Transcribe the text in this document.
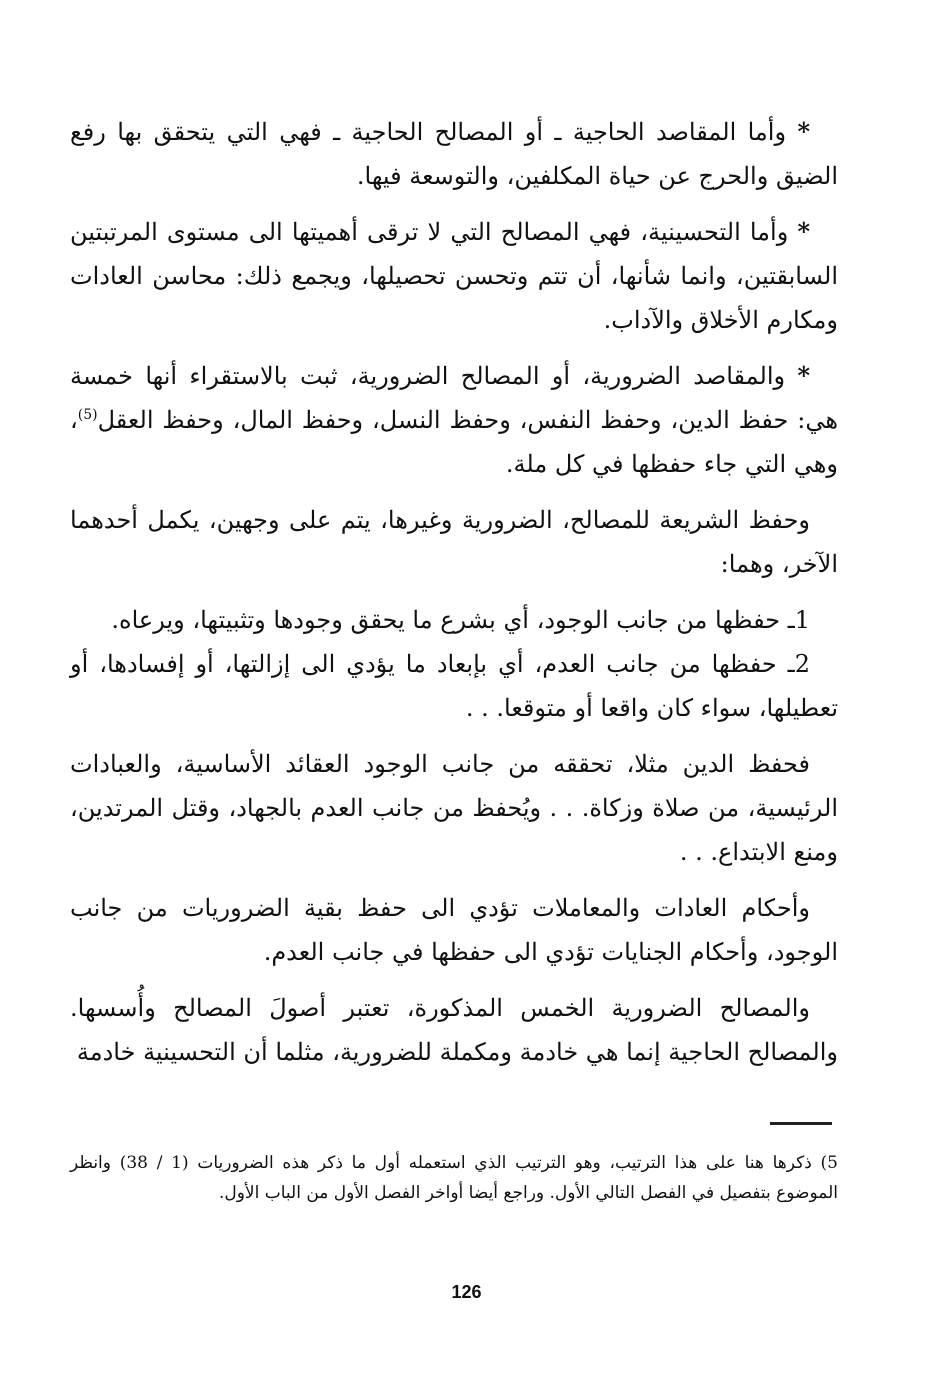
* وأما المقاصد الحاجية ـ أو المصالح الحاجية ـ فهي التي يتحقق بها رفع الضيق والحرج عن حياة المكلفين، والتوسعة فيها.

* وأما التحسينية، فهي المصالح التي لا ترقى أهميتها الى مستوى المرتبتين السابقتين، وانما شأنها، أن تتم وتحسن تحصيلها، ويجمع ذلك: محاسن العادات ومكارم الأخلاق والآداب.

* والمقاصد الضرورية، أو المصالح الضرورية، ثبت بالاستقراء أنها خمسة هي: حفظ الدين، وحفظ النفس، وحفظ النسل، وحفظ المال، وحفظ العقل$^{(5)}$، وهي التي جاء حفظها في كل ملة.

وحفظ الشريعة للمصالح، الضرورية وغيرها، يتم على وجهين، يكمل أحدهما الآخر، وهما:

1ـ حفظها من جانب الوجود، أي بشرع ما يحقق وجودها وتثبيتها، ويرعاه.

2ـ حفظها من جانب العدم، أي بإبعاد ما يؤدي الى إزالتها، أو إفسادها، أو تعطيلها، سواء كان واقعا أو متوقعا. . .

فحفظ الدين مثلا، تحققه من جانب الوجود العقائد الأساسية، والعبادات الرئيسية، من صلاة وزكاة. . . ويُحفظ من جانب العدم بالجهاد، وقتل المرتدين، ومنع الابتداع. . .

وأحكام العادات والمعاملات تؤدي الى حفظ بقية الضروريات من جانب الوجود، وأحكام الجنايات تؤدي الى حفظها في جانب العدم.

والمصالح الضرورية الخمس المذكورة، تعتبر أصولَ المصالح وأُسسها. والمصالح الحاجية إنما هي خادمة ومكملة للضرورية، مثلما أن التحسينية خادمة

5) ذكرها هنا على هذا الترتيب، وهو الترتيب الذي استعمله أول ما ذكر هذه الضروريات (1 / 38) وانظر الموضوع بتفصيل في الفصل التالي الأول. وراجع أيضا أواخر الفصل الأول من الباب الأول.
126
